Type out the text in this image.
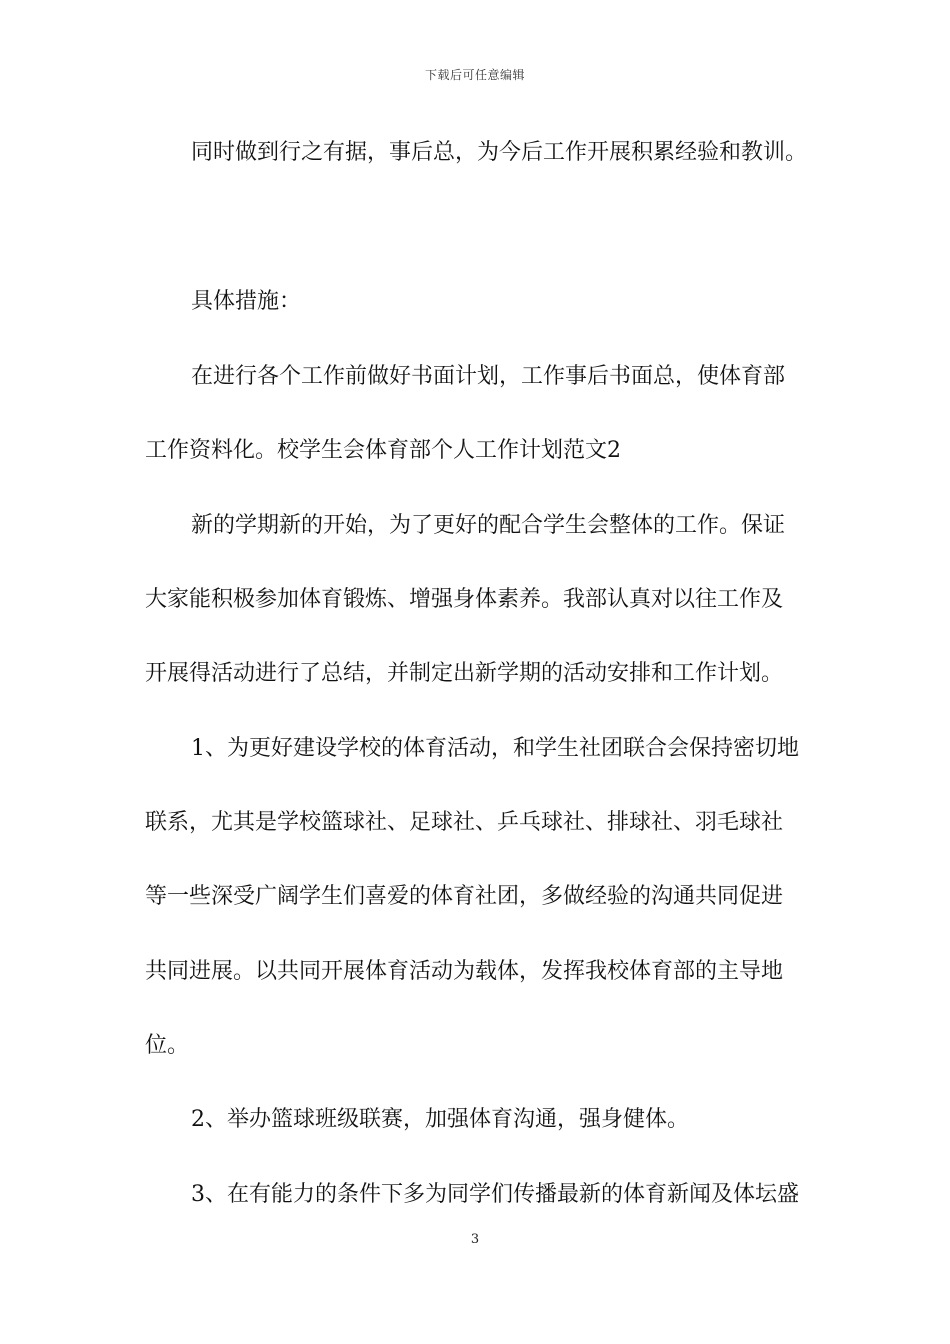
下载后可任意编辑
同时做到行之有据，事后总，为今后工作开展积累经验和教训。
具体措施：
在进行各个工作前做好书面计划，工作事后书面总，使体育部
工作资料化。校学生会体育部个人工作计划范文2
新的学期新的开始，为了更好的配合学生会整体的工作。保证
大家能积极参加体育锻炼、增强身体素养。我部认真对以往工作及
开展得活动进行了总结，并制定出新学期的活动安排和工作计划。
1、为更好建设学校的体育活动，和学生社团联合会保持密切地
联系，尤其是学校篮球社、足球社、乒乓球社、排球社、羽毛球社
等一些深受广阔学生们喜爱的体育社团，多做经验的沟通共同促进
共同进展。以共同开展体育活动为载体，发挥我校体育部的主导地
位。
2、举办篮球班级联赛，加强体育沟通，强身健体。
3、在有能力的条件下多为同学们传播最新的体育新闻及体坛盛
3
